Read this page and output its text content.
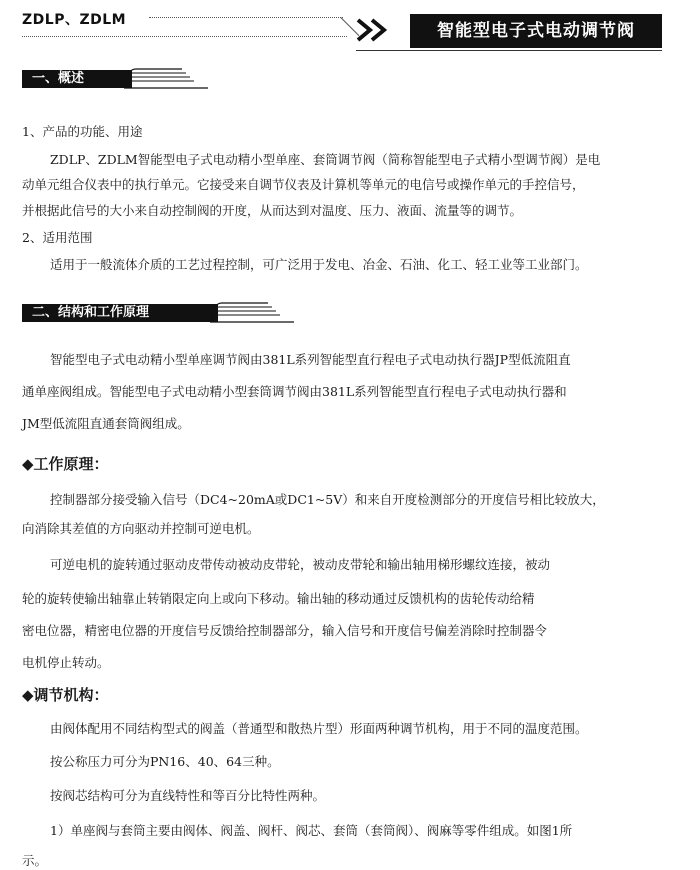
ZDLP、ZDLM
智能型电子式电动调节阀
一、概述
1、产品的功能、用途
ZDLP、ZDLM智能型电子式电动精小型单座、套筒调节阀（简称智能型电子式精小型调节阀）是电
动单元组合仪表中的执行单元。它接受来自调节仪表及计算机等单元的电信号或操作单元的手控信号，
并根据此信号的大小来自动控制阀的开度，从而达到对温度、压力、液面、流量等的调节。
2、适用范围
适用于一般流体介质的工艺过程控制，可广泛用于发电、冶金、石油、化工、轻工业等工业部门。
二、结构和工作原理
智能型电子式电动精小型单座调节阀由381L系列智能型直行程电子式电动执行器JP型低流阻直
通单座阀组成。智能型电子式电动精小型套筒调节阀由381L系列智能型直行程电子式电动执行器和
JM型低流阻直通套筒阀组成。
◆工作原理：
控制器部分接受输入信号（DC4~20mA或DC1~5V）和来自开度检测部分的开度信号相比较放大，
向消除其差值的方向驱动并控制可逆电机。
可逆电机的旋转通过驱动皮带传动被动皮带轮，被动皮带轮和输出轴用梯形螺纹连接，被动
轮的旋转使输出轴靠止转销限定向上或向下移动。输出轴的移动通过反馈机构的齿轮传动给精
密电位器，精密电位器的开度信号反馈给控制器部分，输入信号和开度信号偏差消除时控制器令
电机停止转动。
◆调节机构：
由阀体配用不同结构型式的阀盖（普通型和散热片型）形面两种调节机构，用于不同的温度范围。
按公称压力可分为PN16、40、64三种。
按阀芯结构可分为直线特性和等百分比特性两种。
1）单座阀与套筒主要由阀体、阀盖、阀杆、阀芯、套筒（套筒阀）、阀麻等零件组成。如图1所
示。
